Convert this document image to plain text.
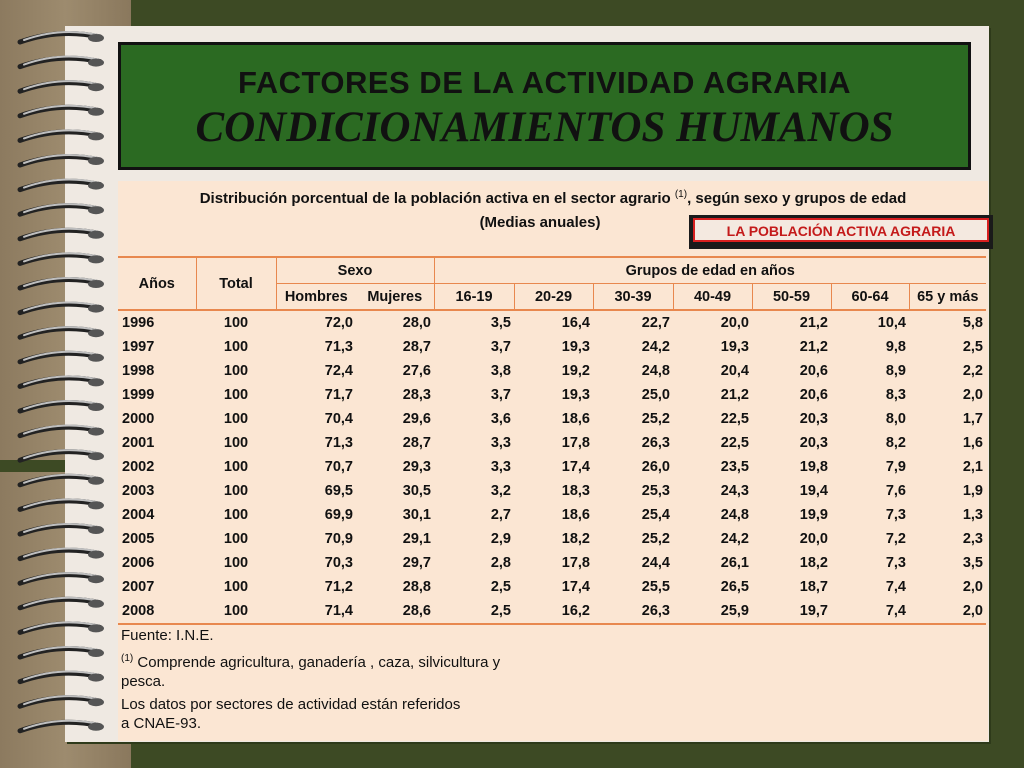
FACTORES DE LA ACTIVIDAD AGRARIA
CONDICIONAMIENTOS HUMANOS
Distribución porcentual de la población activa en el sector agrario $^{(1)}$, según sexo y grupos de edad
(Medias anuales)
Años	Total	Sexo		Grupos de edad en años						
		Hombres	Mujeres	16-19	20-29	30-39	40-49	50-59	60-64	65 y más
1996	100	72,0	28,0	3,5	16,4	22,7	20,0	21,2	10,4	5,8
1997	100	71,3	28,7	3,7	19,3	24,2	19,3	21,2	9,8	2,5
1998	100	72,4	27,6	3,8	19,2	24,8	20,4	20,6	8,9	2,2
1999	100	71,7	28,3	3,7	19,3	25,0	21,2	20,6	8,3	2,0
2000	100	70,4	29,6	3,6	18,6	25,2	22,5	20,3	8,0	1,7
2001	100	71,3	28,7	3,3	17,8	26,3	22,5	20,3	8,2	1,6
2002	100	70,7	29,3	3,3	17,4	26,0	23,5	19,8	7,9	2,1
2003	100	69,5	30,5	3,2	18,3	25,3	24,3	19,4	7,6	1,9
2004	100	69,9	30,1	2,7	18,6	25,4	24,8	19,9	7,3	1,3
2005	100	70,9	29,1	2,9	18,2	25,2	24,2	20,0	7,2	2,3
2006	100	70,3	29,7	2,8	17,8	24,4	26,1	18,2	7,3	3,5
2007	100	71,2	28,8	2,5	17,4	25,5	26,5	18,7	7,4	2,0
2008	100	71,4	28,6	2,5	16,2	26,3	25,9	19,7	7,4	2,0

Fuente: I.N.E.

$^{(1)}$ Comprende agricultura, ganadería , caza, silvicultura y
pesca.

Los datos por sectores de actividad están referidos
a CNAE-93.

LA POBLACIÓN ACTIVA AGRARIA
